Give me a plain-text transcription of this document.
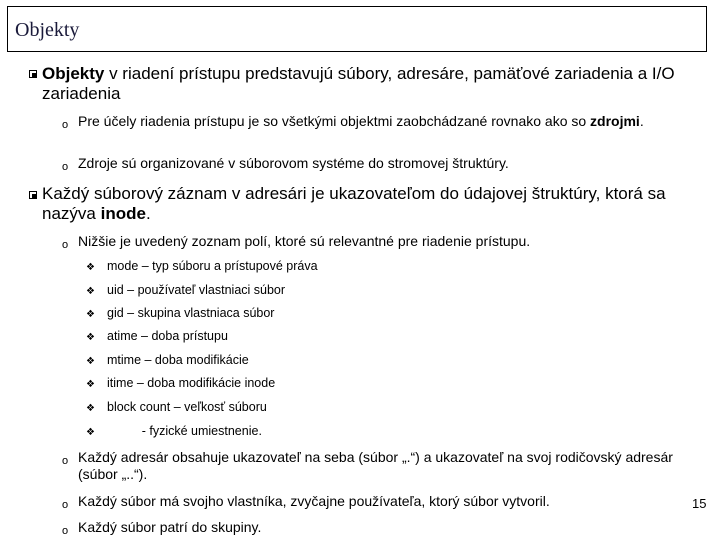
Objekty
Objekty v riadení prístupu predstavujú súbory, adresáre, pamäťové zariadenia a I/O zariadenia
o Pre účely riadenia prístupu je so všetkými objektmi zaobchádzané rovnako ako so zdrojmi.
o Zdroje sú organizované v súborovom systéme do stromovej štruktúry.
Každý súborový záznam v adresári je ukazovateľom do údajovej štruktúry, ktorá sa nazýva inode.
o Nižšie je uvedený zoznam polí, ktoré sú relevantné pre riadenie prístupu.
❖ mode – typ súboru a prístupové práva
❖ uid – používateľ vlastniaci súbor
❖ gid – skupina vlastniaca súbor
❖ atime – doba prístupu
❖ mtime – doba modifikácie
❖ itime – doba modifikácie inode
❖ block count – veľkosť súboru
❖ - fyzické umiestnenie.
o Každý adresár obsahuje ukazovateľ na seba (súbor „.“) a ukazovateľ na svoj rodičovský adresár (súbor „..“).
o Každý súbor má svojho vlastníka, zvyčajne používateľa, ktorý súbor vytvoril.
o Každý súbor patrí do skupiny.
15
